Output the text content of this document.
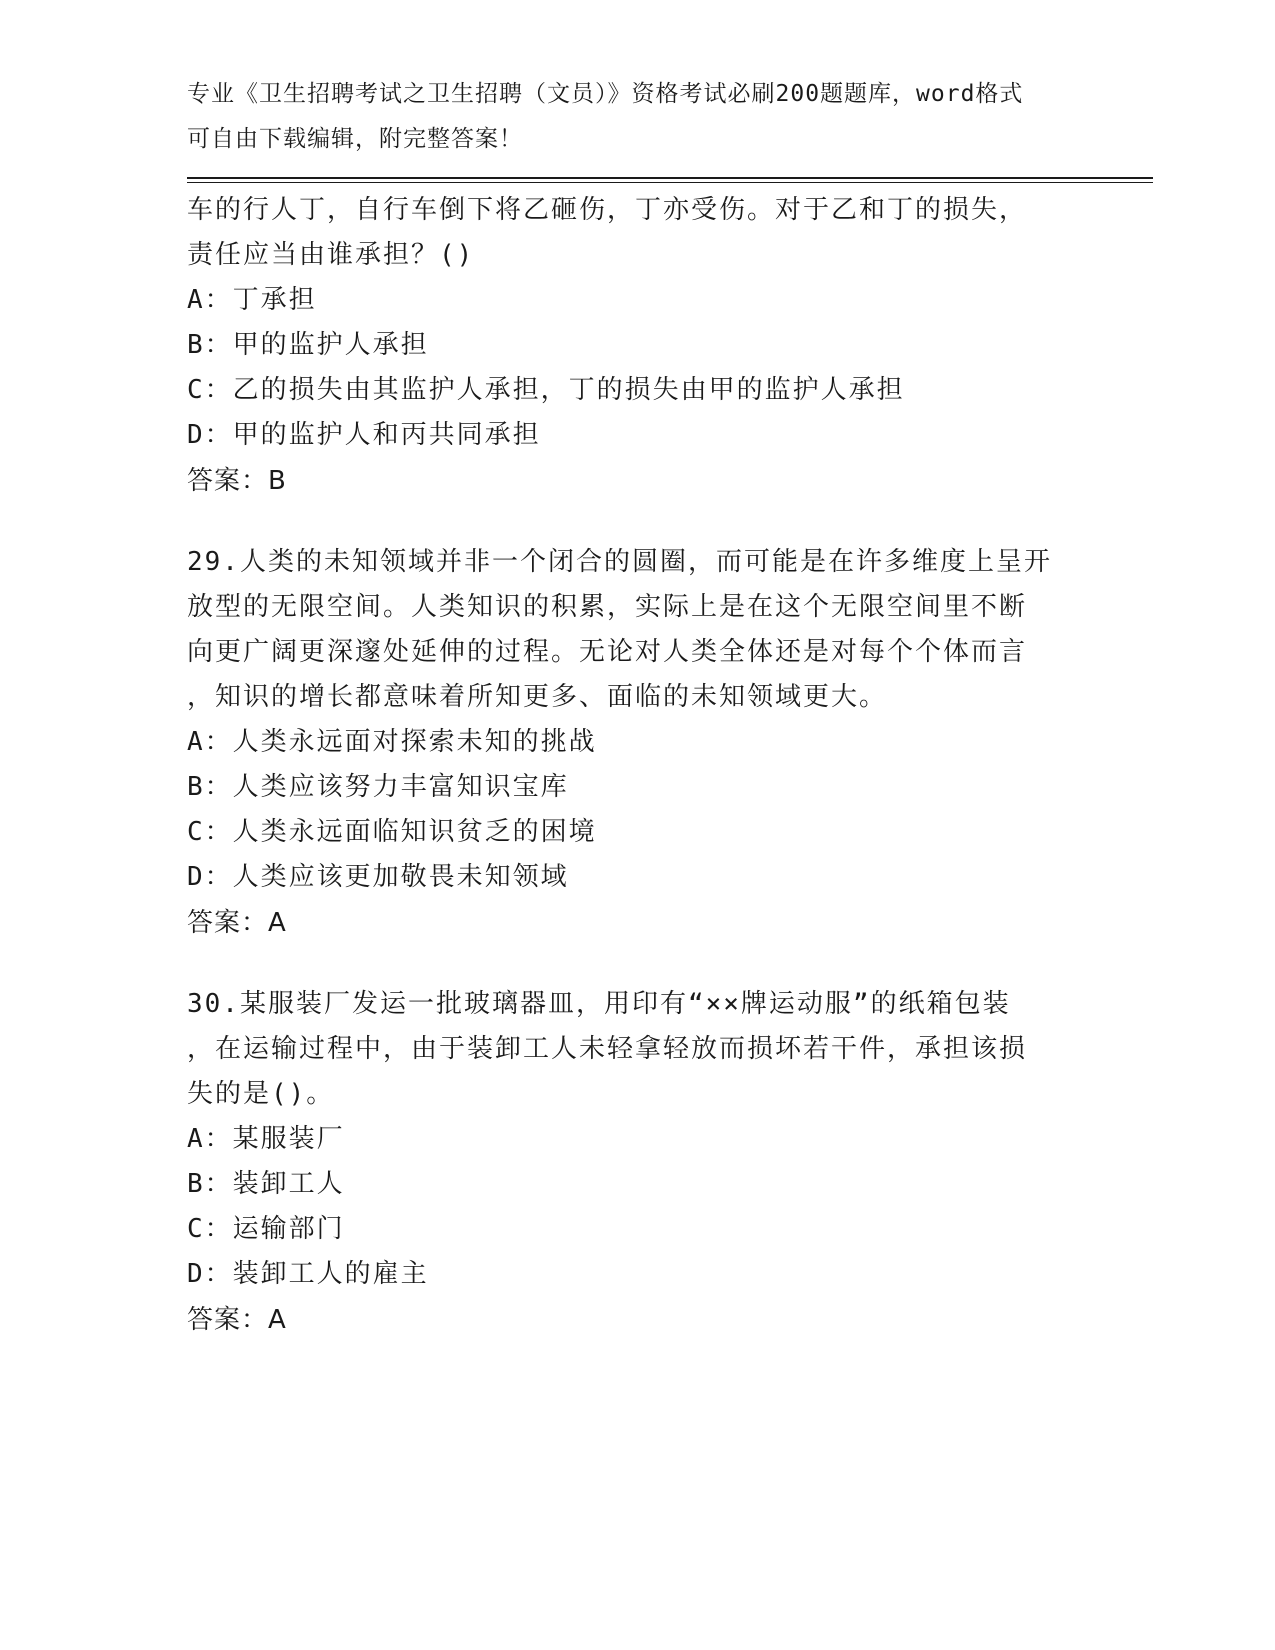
专业《卫生招聘考试之卫生招聘（文员）》资格考试必刷200题题库，word格式
可自由下载编辑，附完整答案！
车的行人丁，自行车倒下将乙砸伤，丁亦受伤。对于乙和丁的损失，
责任应当由谁承担？()
A：丁承担
B：甲的监护人承担
C：乙的损失由其监护人承担，丁的损失由甲的监护人承担
D：甲的监护人和丙共同承担
答案：B
29.人类的未知领域并非一个闭合的圆圈，而可能是在许多维度上呈开
放型的无限空间。人类知识的积累，实际上是在这个无限空间里不断
向更广阔更深邃处延伸的过程。无论对人类全体还是对每个个体而言
，知识的增长都意味着所知更多、面临的未知领域更大。
A：人类永远面对探索未知的挑战
B：人类应该努力丰富知识宝库
C：人类永远面临知识贫乏的困境
D：人类应该更加敬畏未知领域
答案：A
30.某服装厂发运一批玻璃器皿，用印有“××牌运动服”的纸箱包装
，在运输过程中，由于装卸工人未轻拿轻放而损坏若干件，承担该损
失的是()。
A：某服装厂
B：装卸工人
C：运输部门
D：装卸工人的雇主
答案：A
